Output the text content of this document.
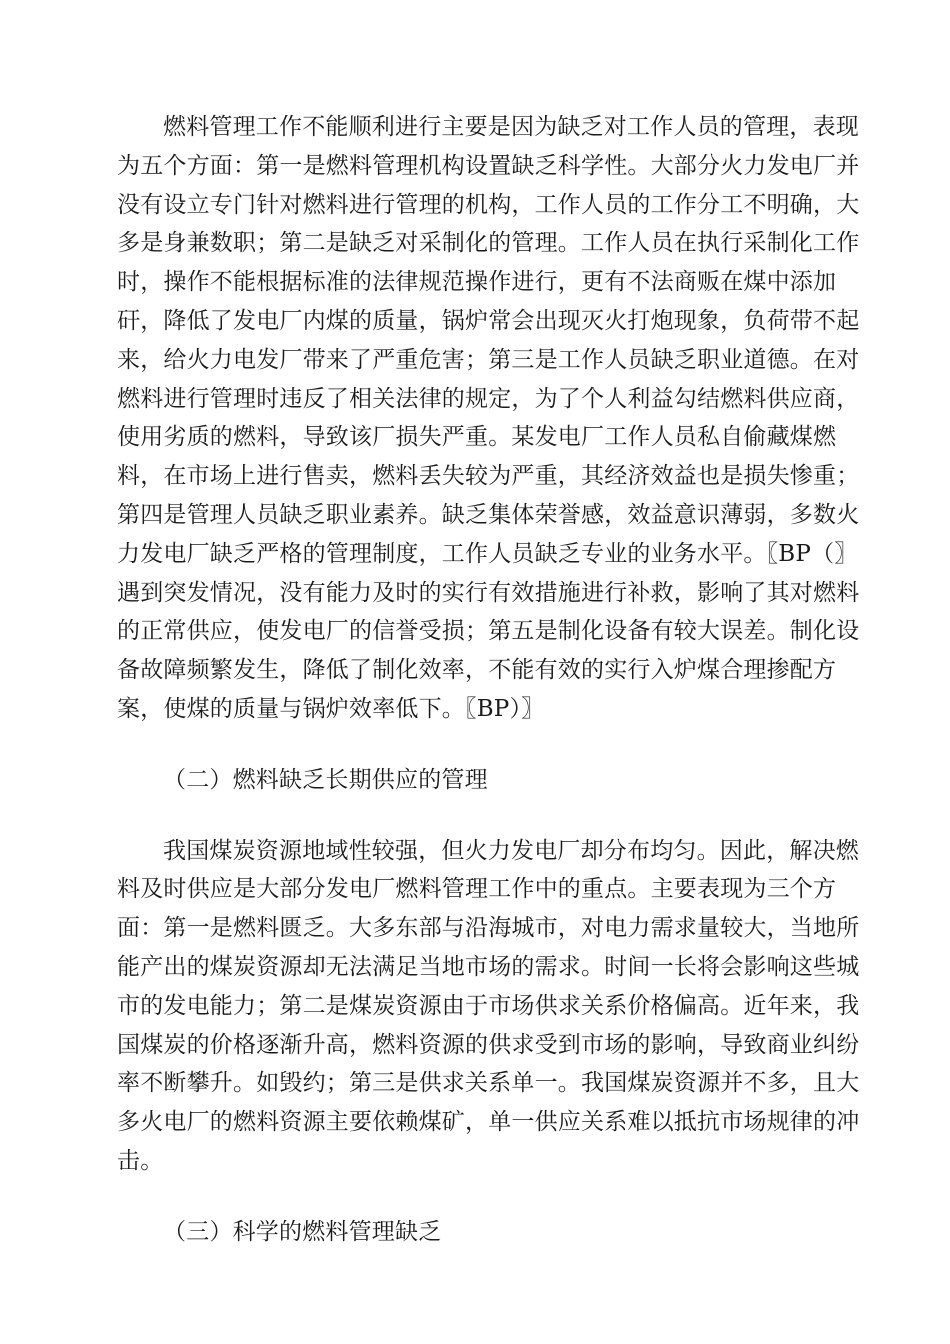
燃料管理工作不能顺利进行主要是因为缺乏对工作人员的管理，表现
为五个方面：第一是燃料管理机构设置缺乏科学性。大部分火力发电厂并
没有设立专门针对燃料进行管理的机构，工作人员的工作分工不明确，大
多是身兼数职；第二是缺乏对采制化的管理。工作人员在执行采制化工作
时，操作不能根据标准的法律规范操作进行，更有不法商贩在煤中添加
矸，降低了发电厂内煤的质量，锅炉常会出现灭火打炮现象，负荷带不起
来，给火力电发厂带来了严重危害；第三是工作人员缺乏职业道德。在对
燃料进行管理时违反了相关法律的规定，为了个人利益勾结燃料供应商，
使用劣质的燃料，导致该厂损失严重。某发电厂工作人员私自偷藏煤燃
料，在市场上进行售卖，燃料丢失较为严重，其经济效益也是损失惨重；
第四是管理人员缺乏职业素养。缺乏集体荣誉感，效益意识薄弱，多数火
力发电厂缺乏严格的管理制度，工作人员缺乏专业的业务水平。〖BP（〗
遇到突发情况，没有能力及时的实行有效措施进行补救，影响了其对燃料
的正常供应，使发电厂的信誉受损；第五是制化设备有较大误差。制化设
备故障频繁发生，降低了制化效率，不能有效的实行入炉煤合理掺配方
案，使煤的质量与锅炉效率低下。〖BP）〗
（二）燃料缺乏长期供应的管理
我国煤炭资源地域性较强，但火力发电厂却分布均匀。因此，解决燃
料及时供应是大部分发电厂燃料管理工作中的重点。主要表现为三个方
面：第一是燃料匮乏。大多东部与沿海城市，对电力需求量较大，当地所
能产出的煤炭资源却无法满足当地市场的需求。时间一长将会影响这些城
市的发电能力；第二是煤炭资源由于市场供求关系价格偏高。近年来，我
国煤炭的价格逐渐升高，燃料资源的供求受到市场的影响，导致商业纠纷
率不断攀升。如毁约；第三是供求关系单一。我国煤炭资源并不多，且大
多火电厂的燃料资源主要依赖煤矿，单一供应关系难以抵抗市场规律的冲
击。
（三）科学的燃料管理缺乏
